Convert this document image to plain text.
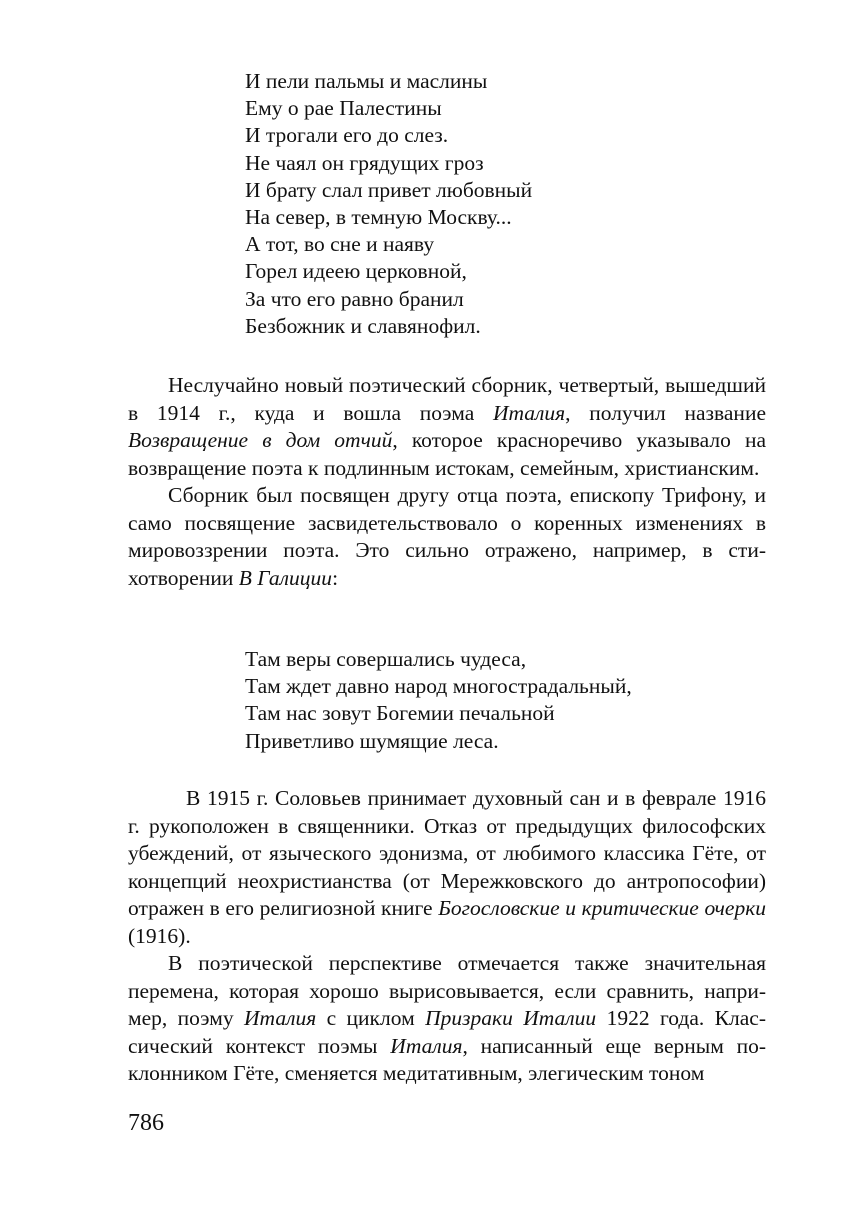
И пели пальмы и маслины
Ему о рае Палестины
И трогали его до слез.
Не чаял он грядущих гроз
И брату слал привет любовный
На север, в темную Москву...
А тот, во сне и наяву
Горел идеею церковной,
За что его равно бранил
Безбожник и славянофил.

Неслучайно новый поэтический сборник, четвертый, вышедший в 1914 г., куда и вошла поэма Италия, получил название Возвращение в дом отчий, которое красноречиво указывало на возвращение поэта к подлинным истокам, семейным, христианским.

Сборник был посвящен другу отца поэта, епископу Трифону, и само посвящение засвидетельствовало о коренных изменениях в мировоззрении поэта. Это сильно отражено, например, в стихотворении В Галиции:

Там веры совершались чудеса,
Там ждет давно народ многострадальный,
Там нас зовут Богемии печальной
Приветливо шумящие леса.

В 1915 г. Соловьев принимает духовный сан и в феврале 1916 г. рукоположен в священники. Отказ от предыдущих философских убеждений, от языческого эдонизма, от любимого классика Гёте, от концепций неохристианства (от Мережковского до антропософии) отражен в его религиозной книге Богословские и критические очерки (1916).

В поэтической перспективе отмечается также значительная перемена, которая хорошо вырисовывается, если сравнить, например, поэму Италия с циклом Призраки Италии 1922 года. Классический контекст поэмы Италия, написанный еще верным поклонником Гёте, сменяется медитативным, элегическим тоном

786
